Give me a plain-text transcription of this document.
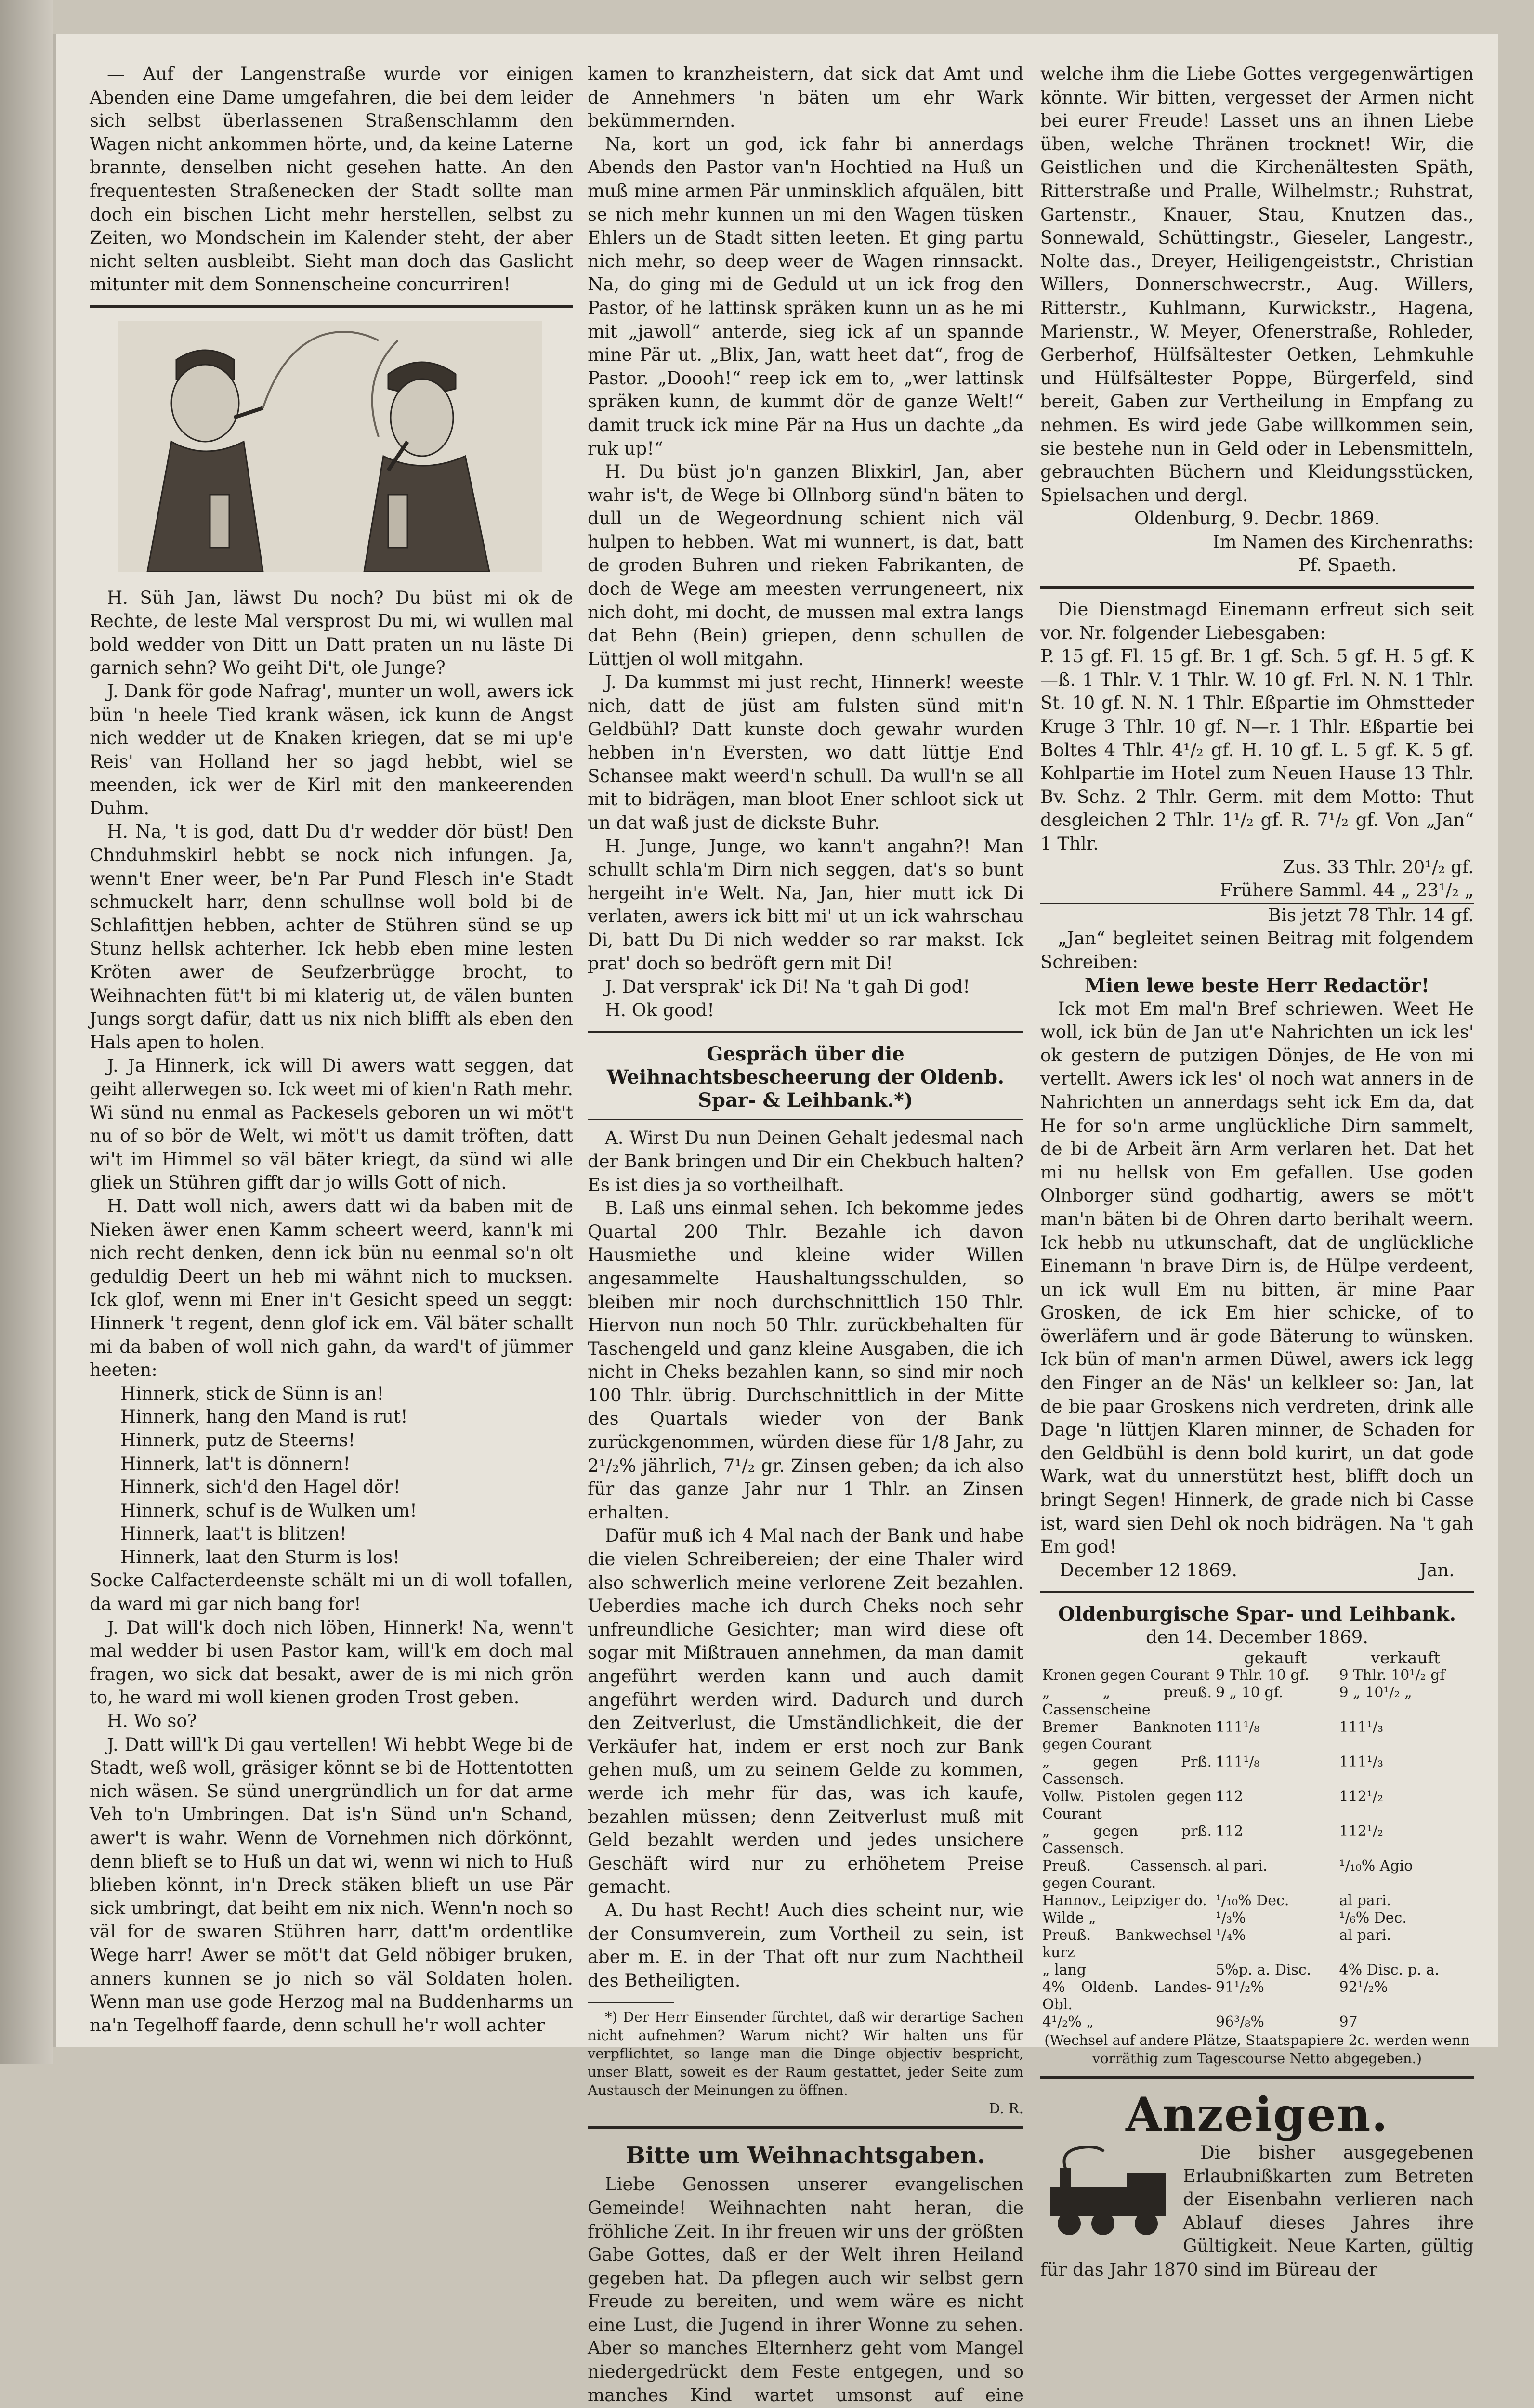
— Auf der Langenstraße wurde vor einigen Abenden eine Dame umgefahren, die bei dem leider sich selbst überlassenen Straßenschlamm den Wagen nicht ankommen hörte, und, da keine Laterne brannte, denselben nicht gesehen hatte. An den frequentesten Straßenecken der Stadt sollte man doch ein bischen Licht mehr herstellen, selbst zu Zeiten, wo Mondschein im Kalender steht, der aber nicht selten ausbleibt. Sieht man doch das Gaslicht mitunter mit dem Sonnenscheine concurriren!

H. Süh Jan, läwst Du noch? Du büst mi ok de Rechte, de leste Mal versprost Du mi, wi wullen mal bold wedder von Ditt un Datt praten un nu läste Di garnich sehn? Wo geiht Di't, ole Junge?

J. Dank för gode Nafrag', munter un woll, awers ick bün 'n heele Tied krank wäsen, ick kunn de Angst nich wedder ut de Knaken kriegen, dat se mi up'e Reis' van Holland her so jagd hebbt, wiel se meenden, ick wer de Kirl mit den mankeerenden Duhm.

H. Na, 't is god, datt Du d'r wedder dör büst! Den Chnduhmskirl hebbt se nock nich infungen. Ja, wenn't Ener weer, be'n Par Pund Flesch in'e Stadt schmuckelt harr, denn schullnse woll bold bi de Schlafittjen hebben, achter de Stühren sünd se up Stunz hellsk achterher. Ick hebb eben mine lesten Kröten awer de Seufzerbrügge brocht, to Weihnachten füt't bi mi klaterig ut, de välen bunten Jungs sorgt dafür, datt us nix nich blifft als eben den Hals apen to holen.

J. Ja Hinnerk, ick will Di awers watt seggen, dat geiht allerwegen so. Ick weet mi of kien'n Rath mehr. Wi sünd nu enmal as Packesels geboren un wi möt't nu of so bör de Welt, wi möt't us damit tröften, datt wi't im Himmel so väl bäter kriegt, da sünd wi alle gliek un Stühren gifft dar jo wills Gott of nich.

H. Datt woll nich, awers datt wi da baben mit de Nieken äwer enen Kamm scheert weerd, kann'k mi nich recht denken, denn ick bün nu eenmal so'n olt geduldig Deert un heb mi wähnt nich to mucksen. Ick glof, wenn mi Ener in't Gesicht speed un seggt: Hinnerk 't regent, denn glof ick em. Väl bäter schallt mi da baben of woll nich gahn, da ward't of jümmer heeten:

Hinnerk, stick de Sünn is an!

Hinnerk, hang den Mand is rut!

Hinnerk, putz de Steerns!

Hinnerk, lat't is dönnern!

Hinnerk, sich'd den Hagel dör!

Hinnerk, schuf is de Wulken um!

Hinnerk, laat't is blitzen!

Hinnerk, laat den Sturm is los!

Socke Calfacterdeenste schält mi un di woll tofallen, da ward mi gar nich bang for!

J. Dat will'k doch nich löben, Hinnerk! Na, wenn't mal wedder bi usen Pastor kam, will'k em doch mal fragen, wo sick dat besakt, awer de is mi nich grön to, he ward mi woll kienen groden Trost geben.

H. Wo so?

J. Datt will'k Di gau vertellen! Wi hebbt Wege bi de Stadt, weß woll, gräsiger könnt se bi de Hottentotten nich wäsen. Se sünd unergründlich un for dat arme Veh to'n Umbringen. Dat is'n Sünd un'n Schand, awer't is wahr. Wenn de Vornehmen nich dörkönnt, denn blieft se to Huß un dat wi, wenn wi nich to Huß blieben könnt, in'n Dreck stäken blieft un use Pär sick umbringt, dat beiht em nix nich. Wenn'n noch so väl for de swaren Stühren harr, datt'm ordentlike Wege harr! Awer se möt't dat Geld nöbiger bruken, anners kunnen se jo nich so väl Soldaten holen. Wenn man use gode Herzog mal na Buddenharms un na'n Tegelhoff faarde, denn schull he'r woll achter

kamen to kranzheistern, dat sick dat Amt und de Annehmers 'n bäten um ehr Wark bekümmernden.

Na, kort un god, ick fahr bi annerdags Abends den Pastor van'n Hochtied na Huß un muß mine armen Pär unminsklich afquälen, bitt se nich mehr kunnen un mi den Wagen tüsken Ehlers un de Stadt sitten leeten. Et ging partu nich mehr, so deep weer de Wagen rinnsackt. Na, do ging mi de Geduld ut un ick frog den Pastor, of he lattinsk spräken kunn un as he mi mit „jawoll“ anterde, sieg ick af un spannde mine Pär ut. „Blix, Jan, watt heet dat“, frog de Pastor. „Doooh!“ reep ick em to, „wer lattinsk spräken kunn, de kummt dör de ganze Welt!“ damit truck ick mine Pär na Hus un dachte „da ruk up!“

H. Du büst jo'n ganzen Blixkirl, Jan, aber wahr is't, de Wege bi Ollnborg sünd'n bäten to dull un de Wegeordnung schient nich väl hulpen to hebben. Wat mi wunnert, is dat, batt de groden Buhren und rieken Fabrikanten, de doch de Wege am meesten verrungeneert, nix nich doht, mi docht, de mussen mal extra langs dat Behn (Bein) griepen, denn schullen de Lüttjen ol woll mitgahn.

J. Da kummst mi just recht, Hinnerk! weeste nich, datt de jüst am fulsten sünd mit'n Geldbühl? Datt kunste doch gewahr wurden hebben in'n Eversten, wo datt lüttje End Schansee makt weerd'n schull. Da wull'n se all mit to bidrägen, man bloot Ener schloot sick ut un dat waß just de dickste Buhr.

H. Junge, Junge, wo kann't angahn?! Man schullt schla'm Dirn nich seggen, dat's so bunt hergeiht in'e Welt. Na, Jan, hier mutt ick Di verlaten, awers ick bitt mi' ut un ick wahrschau Di, batt Du Di nich wedder so rar makst. Ick prat' doch so bedröft gern mit Di!

J. Dat versprak' ick Di! Na 't gah Di god!

H. Ok good!

Gespräch über die Weihnachtsbescheerung der Oldenb. Spar- & Leihbank.*)

A. Wirst Du nun Deinen Gehalt jedesmal nach der Bank bringen und Dir ein Chekbuch halten? Es ist dies ja so vortheilhaft.

B. Laß uns einmal sehen. Ich bekomme jedes Quartal 200 Thlr. Bezahle ich davon Hausmiethe und kleine wider Willen angesammelte Haushaltungsschulden, so bleiben mir noch durchschnittlich 150 Thlr. Hiervon nun noch 50 Thlr. zurückbehalten für Taschengeld und ganz kleine Ausgaben, die ich nicht in Cheks bezahlen kann, so sind mir noch 100 Thlr. übrig. Durchschnittlich in der Mitte des Quartals wieder von der Bank zurückgenommen, würden diese für 1/8 Jahr, zu 2¹/₂% jährlich, 7¹/₂ gr. Zinsen geben; da ich also für das ganze Jahr nur 1 Thlr. an Zinsen erhalten.

Dafür muß ich 4 Mal nach der Bank und habe die vielen Schreibereien; der eine Thaler wird also schwerlich meine verlorene Zeit bezahlen. Ueberdies mache ich durch Cheks noch sehr unfreundliche Gesichter; man wird diese oft sogar mit Mißtrauen annehmen, da man damit angeführt werden kann und auch damit angeführt werden wird. Dadurch und durch den Zeitverlust, die Umständlichkeit, die der Verkäufer hat, indem er erst noch zur Bank gehen muß, um zu seinem Gelde zu kommen, werde ich mehr für das, was ich kaufe, bezahlen müssen; denn Zeitverlust muß mit Geld bezahlt werden und jedes unsichere Geschäft wird nur zu erhöhetem Preise gemacht.

A. Du hast Recht! Auch dies scheint nur, wie der Consumverein, zum Vortheil zu sein, ist aber m. E. in der That oft nur zum Nachtheil des Betheiligten.

*) Der Herr Einsender fürchtet, daß wir derartige Sachen nicht aufnehmen? Warum nicht? Wir halten uns für verpflichtet, so lange man die Dinge objectiv bespricht, unser Blatt, soweit es der Raum gestattet, jeder Seite zum Austausch der Meinungen zu öffnen.

D. R.
Bitte um Weihnachtsgaben.

Liebe Genossen unserer evangelischen Gemeinde! Weihnachten naht heran, die fröhliche Zeit. In ihr freuen wir uns der größten Gabe Gottes, daß er der Welt ihren Heiland gegeben hat. Da pflegen auch wir selbst gern Freude zu bereiten, und wem wäre es nicht eine Lust, die Jugend in ihrer Wonne zu sehen. Aber so manches Elternherz geht vom Mangel niedergedrückt dem Feste entgegen, und so manches Kind wartet umsonst auf eine

welche ihm die Liebe Gottes vergegenwärtigen könnte. Wir bitten, vergesset der Armen nicht bei eurer Freude! Lasset uns an ihnen Liebe üben, welche Thränen trocknet! Wir, die Geistlichen und die Kirchenältesten Späth, Ritterstraße und Pralle, Wilhelmstr.; Ruhstrat, Gartenstr., Knauer, Stau, Knutzen das., Sonnewald, Schüttingstr., Gieseler, Langestr., Nolte das., Dreyer, Heiligengeiststr., Christian Willers, Donnerschwecrstr., Aug. Willers, Ritterstr., Kuhlmann, Kurwickstr., Hagena, Marienstr., W. Meyer, Ofenerstraße, Rohleder, Gerberhof, Hülfsältester Oetken, Lehmkuhle und Hülfsältester Poppe, Bürgerfeld, sind bereit, Gaben zur Vertheilung in Empfang zu nehmen. Es wird jede Gabe willkommen sein, sie bestehe nun in Geld oder in Lebensmitteln, gebrauchten Büchern und Kleidungsstücken, Spielsachen und dergl.

Oldenburg, 9. Decbr. 1869.
Im Namen des Kirchenraths:
Pf. Spaeth.

Die Dienstmagd Einemann erfreut sich seit vor. Nr. folgender Liebesgaben:

P. 15 gf. Fl. 15 gf. Br. 1 gf. Sch. 5 gf. H. 5 gf. K—ß. 1 Thlr. V. 1 Thlr. W. 10 gf. Frl. N. N. 1 Thlr. St. 10 gf. N. N. 1 Thlr. Eßpartie im Ohmstteder Kruge 3 Thlr. 10 gf. N—r. 1 Thlr. Eßpartie bei Boltes 4 Thlr. 4¹/₂ gf. H. 10 gf. L. 5 gf. K. 5 gf. Kohlpartie im Hotel zum Neuen Hause 13 Thlr. Bv. Schz. 2 Thlr. Germ. mit dem Motto: Thut desgleichen 2 Thlr. 1¹/₂ gf. R. 7¹/₂ gf. Von „Jan“ 1 Thlr.

Zus. 33 Thlr. 20¹/₂ gf.
Frühere Samml. 44 „ 23¹/₂ „
Bis jetzt 78 Thlr. 14 gf.

„Jan“ begleitet seinen Beitrag mit folgendem Schreiben:

Mien lewe beste Herr Redactör!

Ick mot Em mal'n Bref schriewen. Weet He woll, ick bün de Jan ut'e Nahrichten un ick les' ok gestern de putzigen Dönjes, de He von mi vertellt. Awers ick les' ol noch wat anners in de Nahrichten un annerdags seht ick Em da, dat He for so'n arme unglückliche Dirn sammelt, de bi de Arbeit ärn Arm verlaren het. Dat het mi nu hellsk von Em gefallen. Use goden Olnborger sünd godhartig, awers se möt't man'n bäten bi de Ohren darto berihalt weern. Ick hebb nu utkunschaft, dat de unglückliche Einemann 'n brave Dirn is, de Hülpe verdeent, un ick wull Em nu bitten, är mine Paar Grosken, de ick Em hier schicke, of to öwerläfern und är gode Bäterung to wünsken. Ick bün of man'n armen Düwel, awers ick legg den Finger an de Näs' un kelkleer so: Jan, lat de bie paar Groskens nich verdreten, drink alle Dage 'n lüttjen Klaren minner, de Schaden for den Geldbühl is denn bold kurirt, un dat gode Wark, wat du unnerstützt hest, blifft doch un bringt Segen! Hinnerk, de grade nich bi Casse ist, ward sien Dehl ok noch bidrägen. Na 't gah Em god!

December 12 1869.	Jan.
Oldenburgische Spar- und Leihbank.
den 14. December 1869.
	gekauft	verkauft
Kronen gegen Courant	9 Thlr. 10 gf.	9 Thlr. 10¹/₂ gf
„ „ preuß. Cassenscheine	9 „ 10 gf.	9 „ 10¹/₂ „
Bremer Banknoten gegen Courant	111¹/₈	111¹/₃
„ gegen Prß. Cassensch.	111¹/₈	111¹/₃
Vollw. Pistolen gegen Courant	112	112¹/₂
„ gegen prß. Cassensch.	112	112¹/₂
Preuß. Cassensch. gegen Courant.	al pari.	¹/₁₀% Agio
Hannov., Leipziger do.	¹/₁₀% Dec.	al pari.
Wilde „	¹/₃%	¹/₆% Dec.
Preuß. Bankwechsel kurz	¹/₄%	al pari.
„ lang	5%p. a. Disc.	4% Disc. p. a.
4% Oldenb. Landes-Obl.	91¹/₂%	92¹/₂%
4¹/₂% „	96³/₈%	97

(Wechsel auf andere Plätze, Staatspapiere 2c. werden wenn vorräthig zum Tagescourse Netto abgegeben.)

Anzeigen.

Die bisher ausgegebenen Erlaubnißkarten zum Betreten der Eisenbahn verlieren nach Ablauf dieses Jahres ihre Gültigkeit. Neue Karten, gültig für das Jahr 1870 sind im Büreau der
